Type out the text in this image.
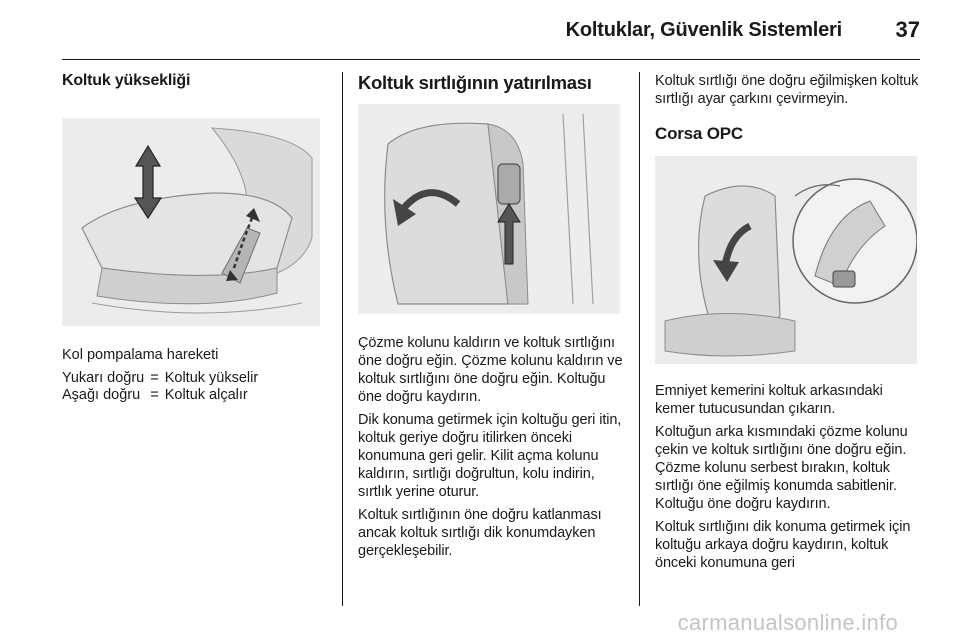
Koltuklar, Güvenlik Sistemleri 37
Koltuk yüksekliği
Kol pompalama hareketi
Yukarı doğru	=	Koltuk yükselir
Aşağı doğru	=	Koltuk alçalır
Koltuk sırtlığının yatırılması

Çözme kolunu kaldırın ve koltuk sırtlığını öne doğru eğin. Çözme kolunu kaldırın ve koltuk sırtlığını öne doğru eğin. Koltuğu öne doğru kaydırın.

Dik konuma getirmek için koltuğu geri itin, koltuk geriye doğru itilirken önceki konumuna geri gelir. Kilit açma kolunu kaldırın, sırtlığı doğrultun, kolu indirin, sırtlık yerine oturur.

Koltuk sırtlığının öne doğru katlanması ancak koltuk sırtlığı dik konumdayken gerçekleşebilir.

Koltuk sırtlığı öne doğru eğilmişken koltuk sırtlığı ayar çarkını çevirmeyin.

Corsa OPC

Emniyet kemerini koltuk arkasındaki kemer tutucusundan çıkarın.

Koltuğun arka kısmındaki çözme kolunu çekin ve koltuk sırtlığını öne doğru eğin. Çözme kolunu serbest bırakın, koltuk sırtlığı öne eğilmiş konumda sabitlenir. Koltuğu öne doğru kaydırın.

Koltuk sırtlığını dik konuma getirmek için koltuğu arkaya doğru kaydırın, koltuk önceki konumuna geri

carmanualsonline.info
